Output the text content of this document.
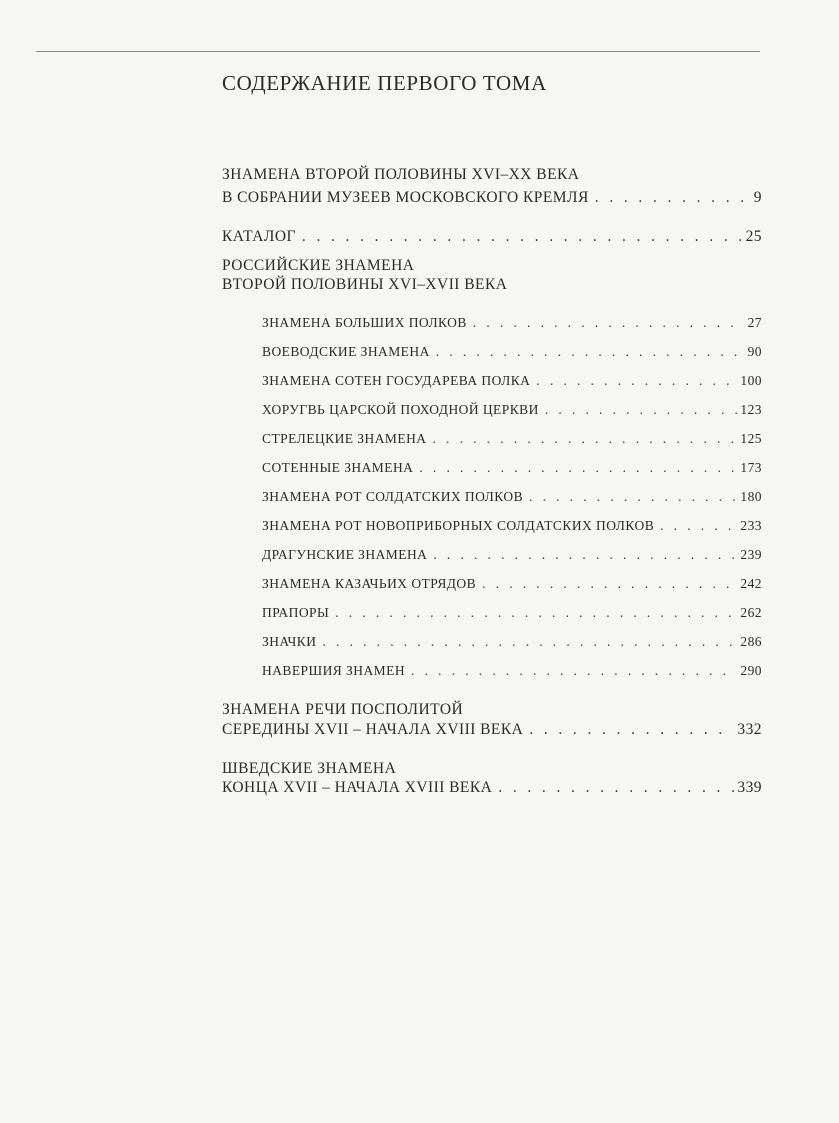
СОДЕРЖАНИЕ ПЕРВОГО ТОМА
ЗНАМЕНА ВТОРОЙ ПОЛОВИНЫ XVI–XX ВЕКА
В СОБРАНИИ МУЗЕЕВ МОСКОВСКОГО КРЕМЛЯ . . .	9
КАТАЛОГ . . .	25
РОССИЙСКИЕ ЗНАМЕНА
ВТОРОЙ ПОЛОВИНЫ XVI–XVII ВЕКА
ЗНАМЕНА БОЛЬШИХ ПОЛКОВ . . .	27
ВОЕВОДСКИЕ ЗНАМЕНА . . .	90
ЗНАМЕНА СОТЕН ГОСУДАРЕВА ПОЛКА . . .	100
ХОРУГВЬ ЦАРСКОЙ ПОХОДНОЙ ЦЕРКВИ . . .	123
СТРЕЛЕЦКИЕ ЗНАМЕНА . . .	125
СОТЕННЫЕ ЗНАМЕНА . . .	173
ЗНАМЕНА РОТ СОЛДАТСКИХ ПОЛКОВ . . .	180
ЗНАМЕНА РОТ НОВОПРИБОРНЫХ СОЛДАТСКИХ ПОЛКОВ . . .	233
ДРАГУНСКИЕ ЗНАМЕНА . . .	239
ЗНАМЕНА КАЗАЧЬИХ ОТРЯДОВ . . .	242
ПРАПОРЫ . . .	262
ЗНАЧКИ . . .	286
НАВЕРШИЯ ЗНАМЕН . . .	290
ЗНАМЕНА РЕЧИ ПОСПОЛИТОЙ
СЕРЕДИНЫ XVII – НАЧАЛА XVIII ВЕКА . . .	332
ШВЕДСКИЕ ЗНАМЕНА
КОНЦА XVII – НАЧАЛА XVIII ВЕКА . . .	339
